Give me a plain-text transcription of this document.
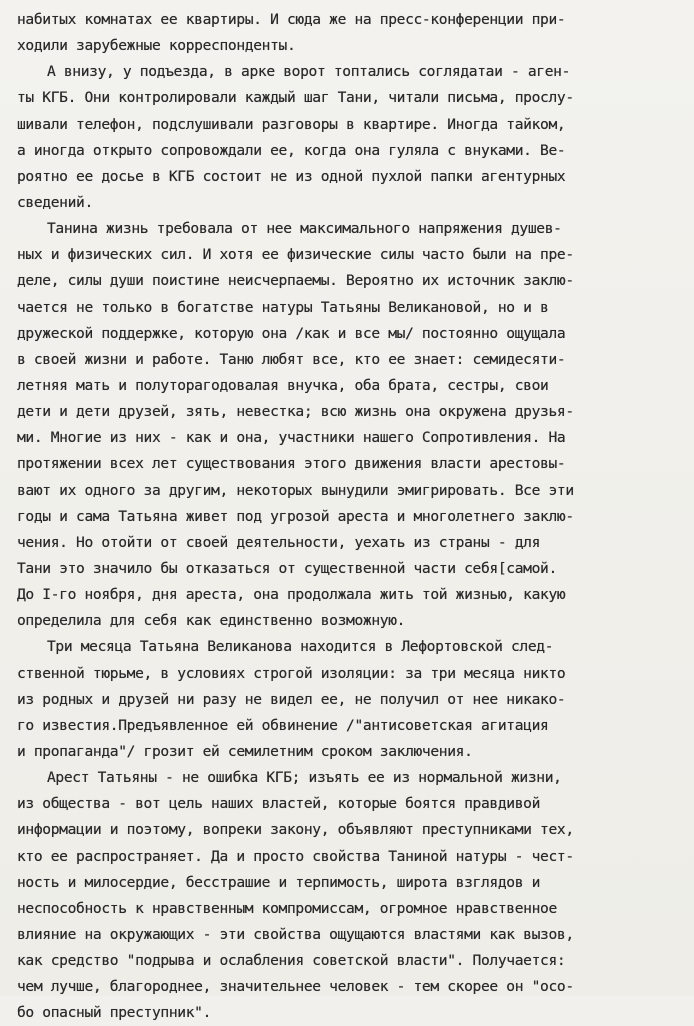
набитых комнатах ее квартиры. И сюда же на пресс-конференции при-
ходили зарубежные корреспонденты.
А внизу, у подъезда, в арке ворот топтались соглядатаи - аген-
ты КГБ. Они контролировали каждый шаг Тани, читали письма, прослу-
шивали телефон, подслушивали разговоры в квартире. Иногда тайком,
а иногда открыто сопровождали ее, когда она гуляла с внуками. Ве-
роятно ее досье в КГБ состоит не из одной пухлой папки агентурных
сведений.
Танина жизнь требовала от нее максимального напряжения душев-
ных и физических сил. И хотя ее физические силы часто были на пре-
деле, силы души поистине неисчерпаемы. Вероятно их источник заклю-
чается не только в богатстве натуры Татьяны Великановой, но и в
дружеской поддержке, которую она /как и все мы/ постоянно ощущала
в своей жизни и работе. Таню любят все, кто ее знает: семидесяти-
летняя мать и полуторагодовалая внучка, оба брата, сестры, свои
дети и дети друзей, зять, невестка; всю жизнь она окружена друзья-
ми. Многие из них - как и она, участники нашего Сопротивления. На
протяжении всех лет существования этого движения власти арестовы-
вают их одного за другим, некоторых вынудили эмигрировать. Все эти
годы и сама Татьяна живет под угрозой ареста и многолетнего заклю-
чения. Но отойти от своей деятельности, уехать из страны - для
Тани это значило бы отказаться от существенной части себя[самой.
До I-го ноября, дня ареста, она продолжала жить той жизнью, какую
определила для себя как единственно возможную.
Три месяца Татьяна Великанова находится в Лефортовской след-
ственной тюрьме, в условиях строгой изоляции: за три месяца никто
из родных и друзей ни разу не видел ее, не получил от нее никако-
го известия.Предъявленное ей обвинение /"антисоветская агитация
и пропаганда"/ грозит ей семилетним сроком заключения.
Арест Татьяны - не ошибка КГБ; изъять ее из нормальной жизни,
из общества - вот цель наших властей, которые боятся правдивой
информации и поэтому, вопреки закону, объявляют преступниками тех,
кто ее распространяет. Да и просто свойства Таниной натуры - чест-
ность и милосердие, бесстрашие и терпимость, широта взглядов и
неспособность к нравственным компромиссам, огромное нравственное
влияние на окружающих - эти свойства ощущаются властями как вызов,
как средство "подрыва и ослабления советской власти". Получается:
чем лучше, благороднее, значительнее человек - тем скорее он "осо-
бо опасный преступник".
